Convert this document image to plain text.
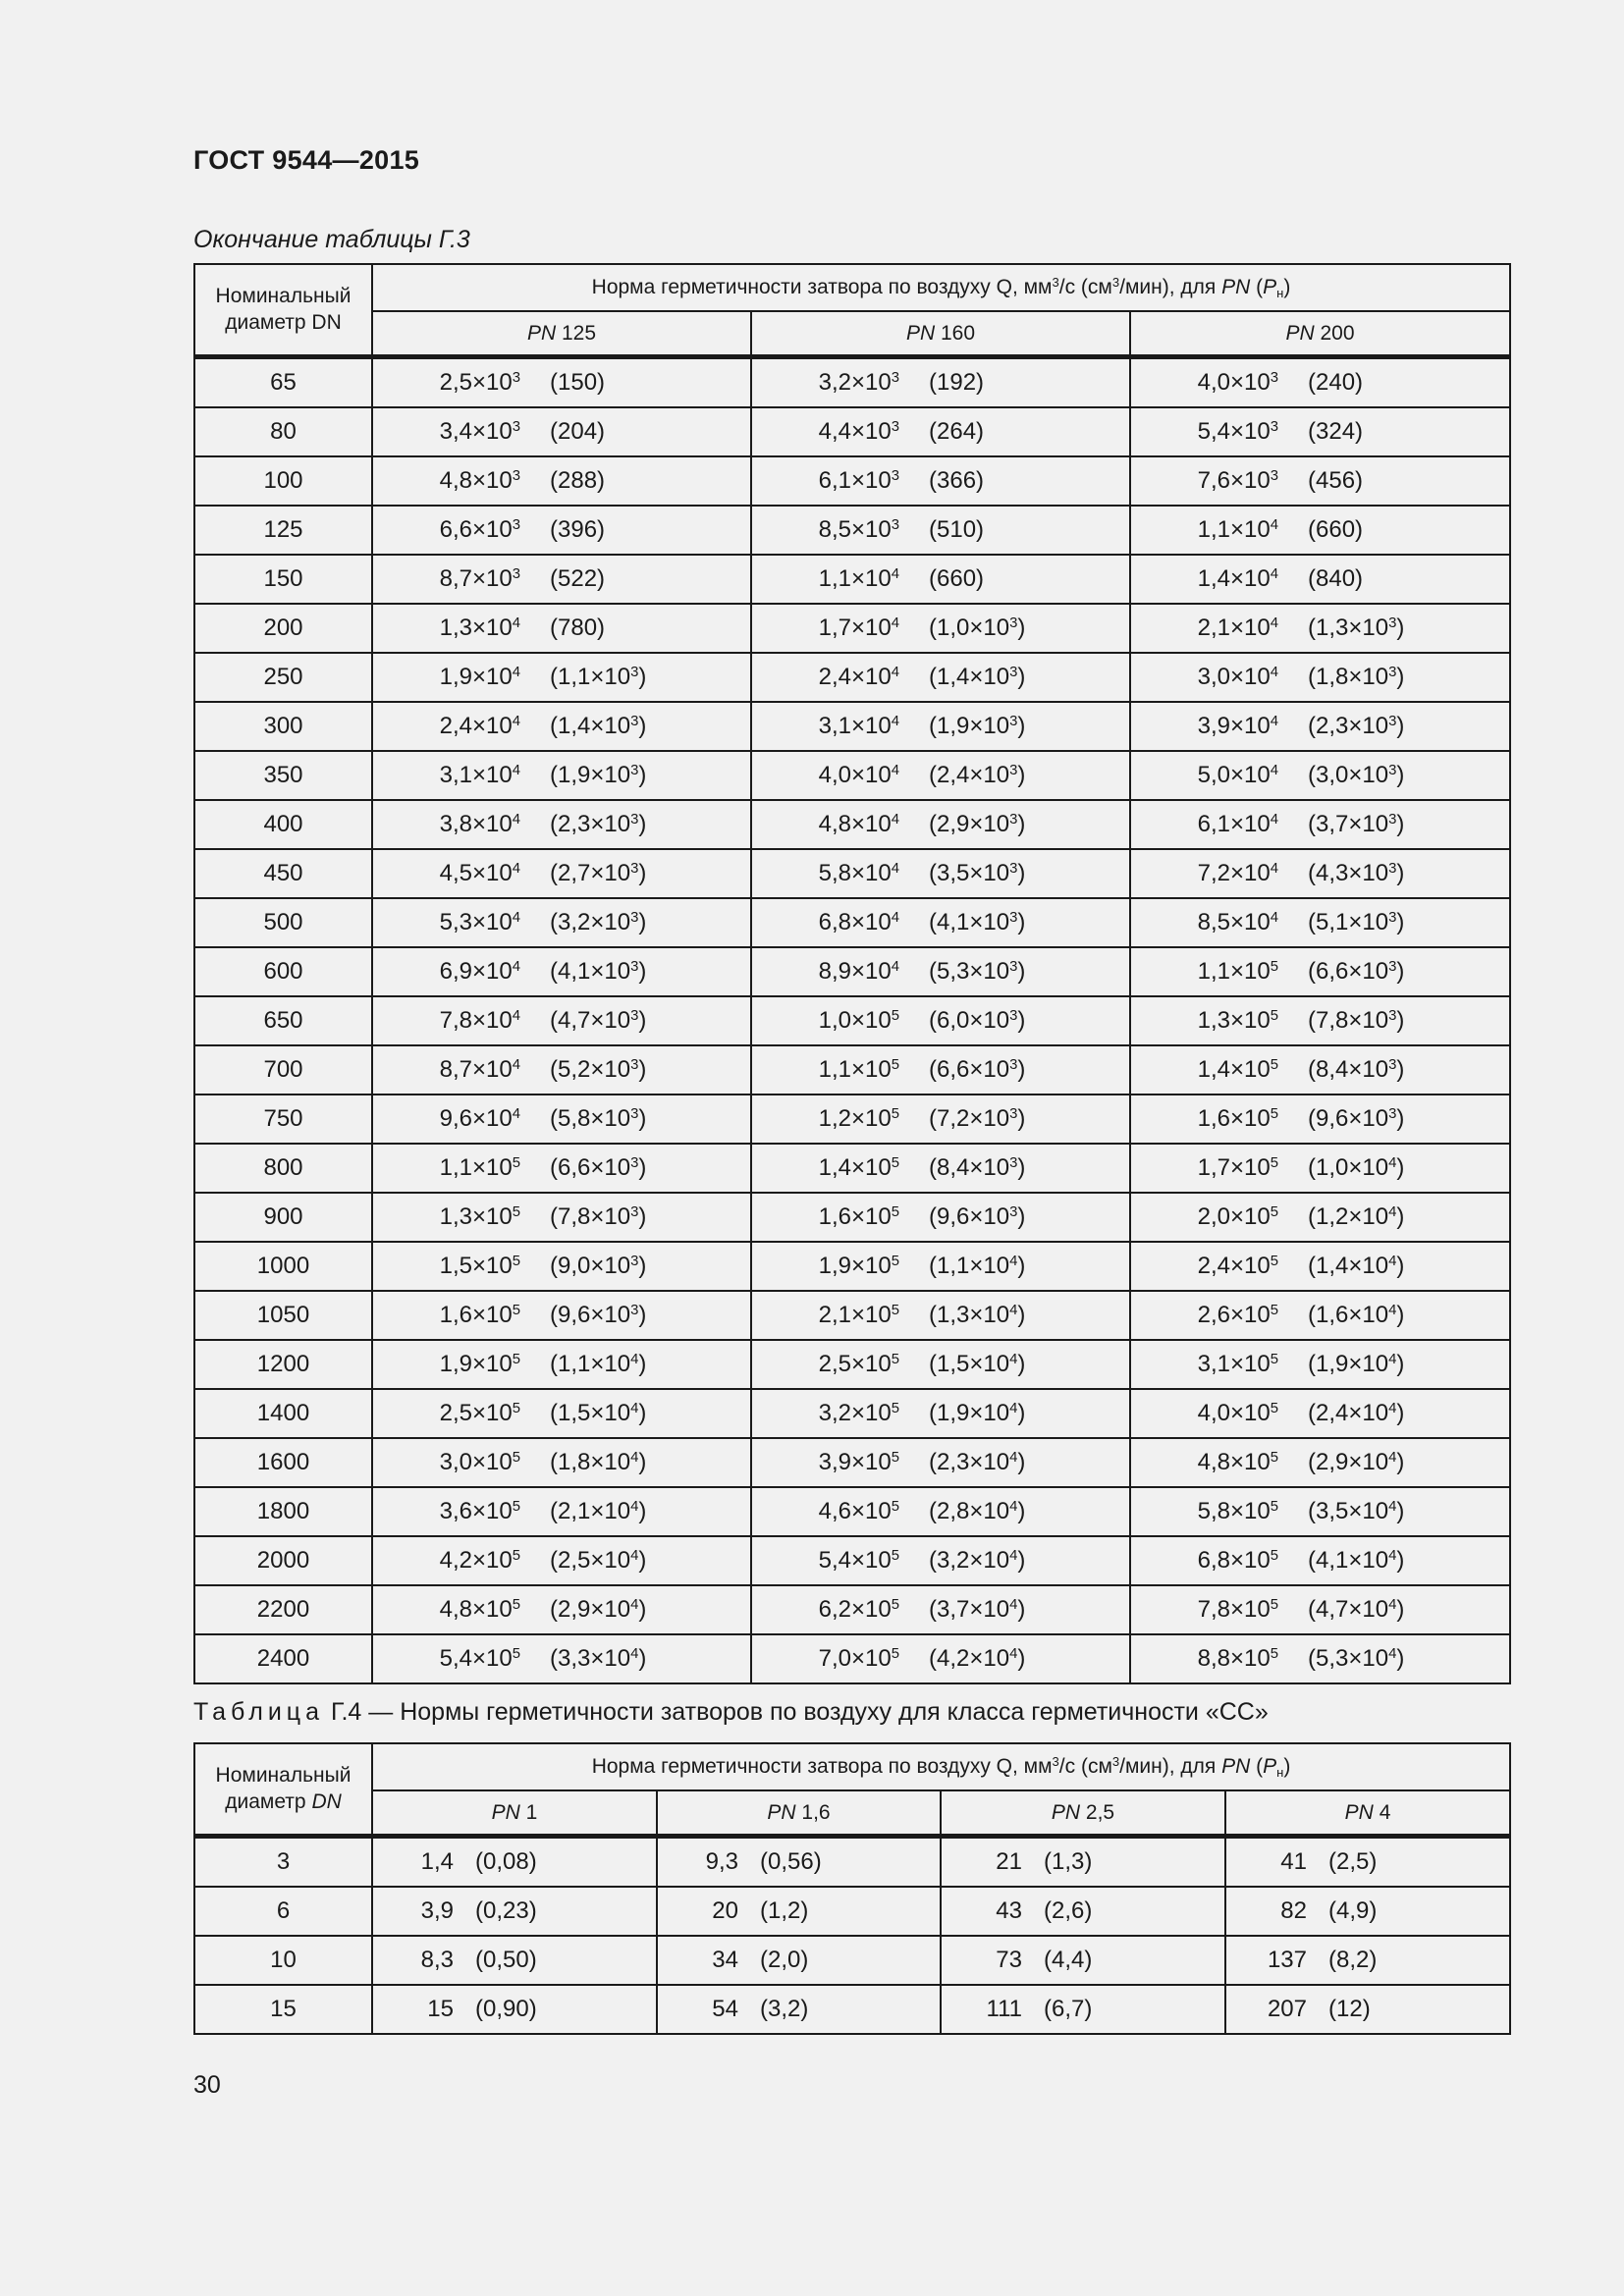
ГОСТ 9544—2015
Окончание таблицы Г.3
Номинальный
диаметр DN	Норма герметичности затвора по воздуху Q, $мм^3/с$ $(см^3/мин)$, для PN $(P_н)$		
	PN 125	PN 160	PN 200
65	$2,5\times 10^3$ (150)	$3,2\times 10^3$ (192)	$4,0\times 10^3$ (240)

80	$3,4\times 10^3$ (204)	$4,4\times 10^3$ (264)	$5,4\times 10^3$ (324)

100	$4,8\times 10^3$ (288)	$6,1\times 10^3$ (366)	$7,6\times 10^3$ (456)

125	$6,6\times 10^3$ (396)	$8,5\times 10^3$ (510)	$1,1\times 10^4$ (660)

150	$8,7\times 10^3$ (522)	$1,1\times 10^4$ (660)	$1,4\times 10^4$ (840)

200	$1,3\times 10^4$ (780)	$1,7\times 10^4$ $(1,0\times 10^3)$	$2,1\times 10^4$ $(1,3\times 10^3)$

250	$1,9\times 10^4$ $(1,1\times 10^3)$	$2,4\times 10^4$ $(1,4\times 10^3)$	$3,0\times 10^4$ $(1,8\times 10^3)$

300	$2,4\times 10^4$ $(1,4\times 10^3)$	$3,1\times 10^4$ $(1,9\times 10^3)$	$3,9\times 10^4$ $(2,3\times 10^3)$

350	$3,1\times 10^4$ $(1,9\times 10^3)$	$4,0\times 10^4$ $(2,4\times 10^3)$	$5,0\times 10^4$ $(3,0\times 10^3)$

400	$3,8\times 10^4$ $(2,3\times 10^3)$	$4,8\times 10^4$ $(2,9\times 10^3)$	$6,1\times 10^4$ $(3,7\times 10^3)$

450	$4,5\times 10^4$ $(2,7\times 10^3)$	$5,8\times 10^4$ $(3,5\times 10^3)$	$7,2\times 10^4$ $(4,3\times 10^3)$

500	$5,3\times 10^4$ $(3,2\times 10^3)$	$6,8\times 10^4$ $(4,1\times 10^3)$	$8,5\times 10^4$ $(5,1\times 10^3)$

600	$6,9\times 10^4$ $(4,1\times 10^3)$	$8,9\times 10^4$ $(5,3\times 10^3)$	$1,1\times 10^5$ $(6,6\times 10^3)$

650	$7,8\times 10^4$ $(4,7\times 10^3)$	$1,0\times 10^5$ $(6,0\times 10^3)$	$1,3\times 10^5$ $(7,8\times 10^3)$

700	$8,7\times 10^4$ $(5,2\times 10^3)$	$1,1\times 10^5$ $(6,6\times 10^3)$	$1,4\times 10^5$ $(8,4\times 10^3)$

750	$9,6\times 10^4$ $(5,8\times 10^3)$	$1,2\times 10^5$ $(7,2\times 10^3)$	$1,6\times 10^5$ $(9,6\times 10^3)$

800	$1,1\times 10^5$ $(6,6\times 10^3)$	$1,4\times 10^5$ $(8,4\times 10^3)$	$1,7\times 10^5$ $(1,0\times 10^4)$

900	$1,3\times 10^5$ $(7,8\times 10^3)$	$1,6\times 10^5$ $(9,6\times 10^3)$	$2,0\times 10^5$ $(1,2\times 10^4)$

1000	$1,5\times 10^5$ $(9,0\times 10^3)$	$1,9\times 10^5$ $(1,1\times 10^4)$	$2,4\times 10^5$ $(1,4\times 10^4)$

1050	$1,6\times 10^5$ $(9,6\times 10^3)$	$2,1\times 10^5$ $(1,3\times 10^4)$	$2,6\times 10^5$ $(1,6\times 10^4)$

1200	$1,9\times 10^5$ $(1,1\times 10^4)$	$2,5\times 10^5$ $(1,5\times 10^4)$	$3,1\times 10^5$ $(1,9\times 10^4)$

1400	$2,5\times 10^5$ $(1,5\times 10^4)$	$3,2\times 10^5$ $(1,9\times 10^4)$	$4,0\times 10^5$ $(2,4\times 10^4)$

1600	$3,0\times 10^5$ $(1,8\times 10^4)$	$3,9\times 10^5$ $(2,3\times 10^4)$	$4,8\times 10^5$ $(2,9\times 10^4)$

1800	$3,6\times 10^5$ $(2,1\times 10^4)$	$4,6\times 10^5$ $(2,8\times 10^4)$	$5,8\times 10^5$ $(3,5\times 10^4)$

2000	$4,2\times 10^5$ $(2,5\times 10^4)$	$5,4\times 10^5$ $(3,2\times 10^4)$	$6,8\times 10^5$ $(4,1\times 10^4)$

2200	$4,8\times 10^5$ $(2,9\times 10^4)$	$6,2\times 10^5$ $(3,7\times 10^4)$	$7,8\times 10^5$ $(4,7\times 10^4)$

2400	$5,4\times 10^5$ $(3,3\times 10^4)$	$7,0\times 10^5$ $(4,2\times 10^4)$	$8,8\times 10^5$ $(5,3\times 10^4)$
Таблица Г.4 — Нормы герметичности затворов по воздуху для класса герметичности «СС»
Номинальный
диаметр DN	Норма герметичности затвора по воздуху Q, $мм^3/с$ $(см^3/мин)$, для PN $(P_н)$			
	PN 1	PN 1,6	PN 2,5	PN 4
3	1,4 (0,08)	9,3 (0,56)	21 (1,3)	41 (2,5)

6	3,9 (0,23)	20 (1,2)	43 (2,6)	82 (4,9)

10	8,3 (0,50)	34 (2,0)	73 (4,4)	137 (8,2)

15	15 (0,90)	54 (3,2)	111 (6,7)	207 (12)
30
